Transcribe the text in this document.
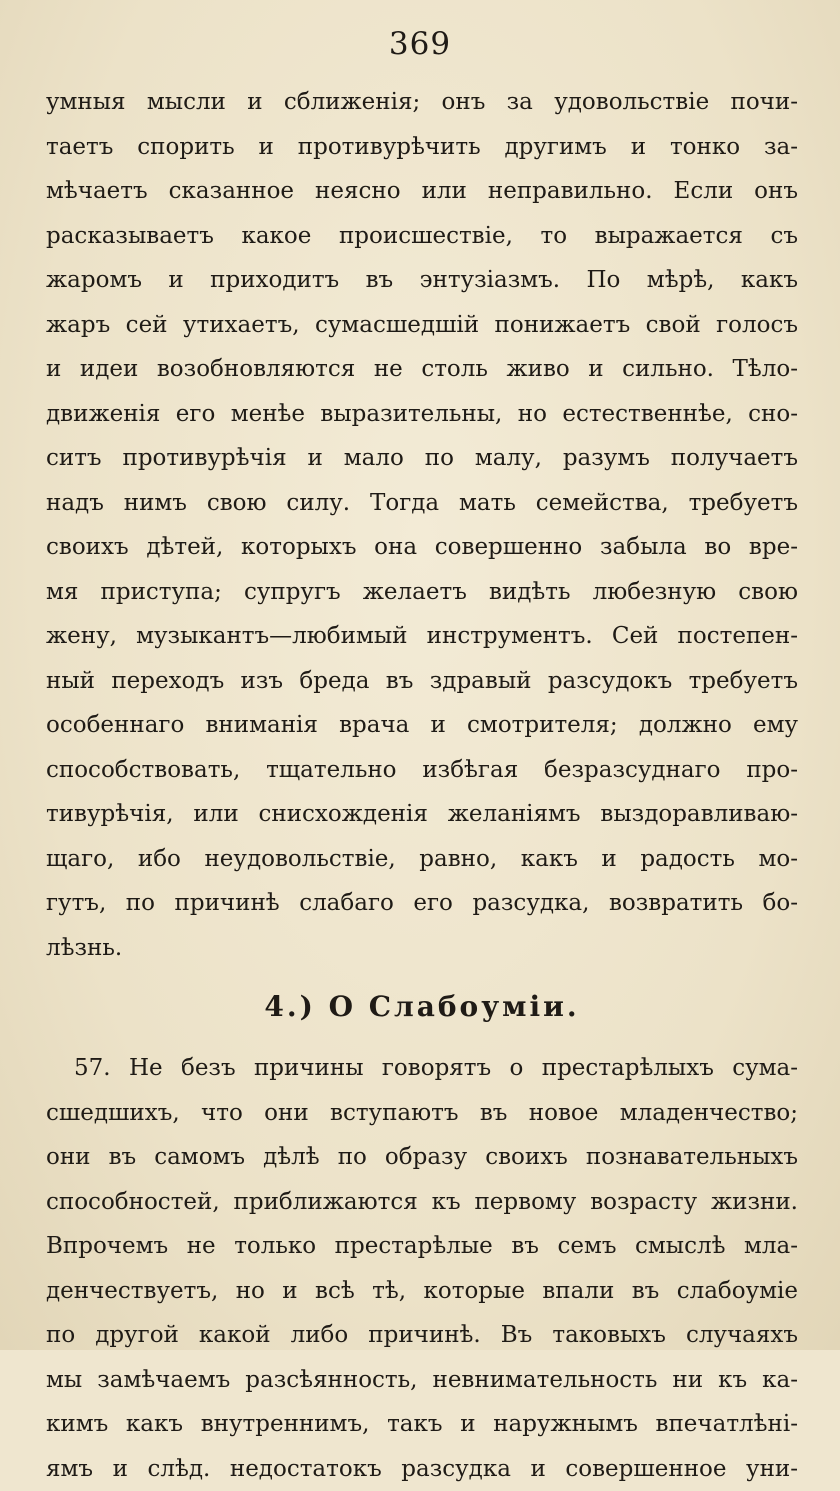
369
умныя мысли и сближенія; онъ за удовольствіе почи-
таетъ спорить и противурѣчить другимъ и тонко за-
мѣчаетъ сказанное неясно или неправильно. Если онъ
расказываетъ какое происшествіе, то выражается съ
жаромъ и приходитъ въ энтузіазмъ. По мѣрѣ, какъ
жаръ сей утихаетъ, сумасшедшій понижаетъ свой голосъ
и идеи возобновляются не столь живо и сильно. Тѣло-
движенія его менѣе выразительны, но естественнѣе, сно-
ситъ противурѣчія и мало по малу, разумъ получаетъ
надъ нимъ свою силу. Тогда мать семейства, требуетъ
своихъ дѣтей, которыхъ она совершенно забыла во вре-
мя приступа; супругъ желаетъ видѣть любезную свою
жену, музыкантъ—любимый инструментъ. Сей постепен-
ный переходъ изъ бреда въ здравый разсудокъ требуетъ
особеннаго вниманія врача и смотрителя; должно ему
способствовать, тщательно избѣгая безразсуднаго про-
тивурѣчія, или снисхожденія желаніямъ выздоравливаю-
щаго, ибо неудовольствіе, равно, какъ и радость мо-
гутъ, по причинѣ слабаго его разсудка, возвратить бо-
лѣзнь.
4.) О Слабоуміи.
57. Не безъ причины говорятъ о престарѣлыхъ сума-
сшедшихъ, что они вступаютъ въ новое младенчество;
они въ самомъ дѣлѣ по образу своихъ познавательныхъ
способностей, приближаются къ первому возрасту жизни.
Впрочемъ не только престарѣлые въ семъ смыслѣ мла-
денчествуетъ, но и всѣ тѣ, которые впали въ слабоуміе
по другой какой либо причинѣ. Въ таковыхъ случаяхъ
мы замѣчаемъ разсѣянность, невнимательность ни къ ка-
кимъ какъ внутреннимъ, такъ и наружнымъ впечатлѣні-
ямъ и слѣд. недостатокъ разсудка и совершенное уни-
